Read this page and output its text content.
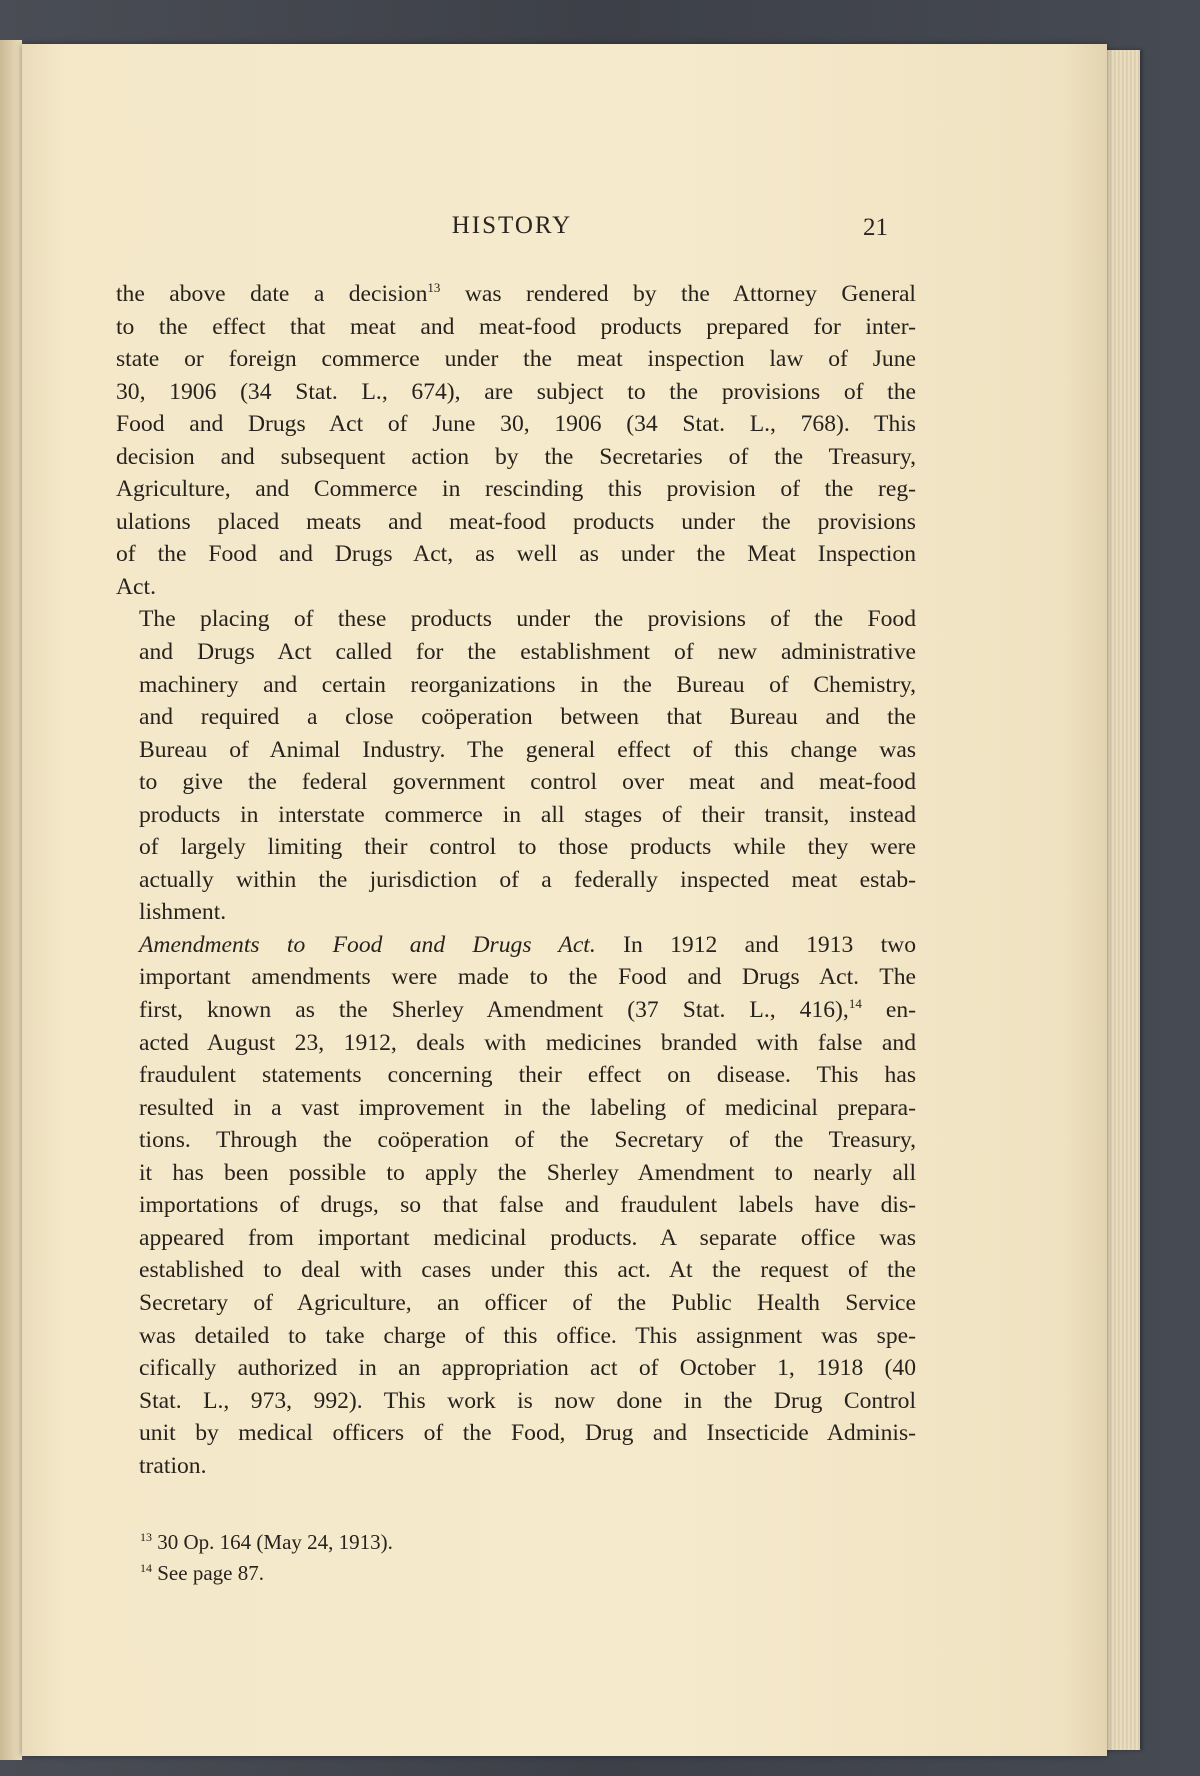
HISTORY	21

the above date a decision$^{13}$ was rendered by the Attorney General
to the effect that meat and meat-food products prepared for inter-
state or foreign commerce under the meat inspection law of June
30, 1906 (34 Stat. L., 674), are subject to the provisions of the
Food and Drugs Act of June 30, 1906 (34 Stat. L., 768). This
decision and subsequent action by the Secretaries of the Treasury,
Agriculture, and Commerce in rescinding this provision of the reg-
ulations placed meats and meat-food products under the provisions
of the Food and Drugs Act, as well as under the Meat Inspection
Act.

The placing of these products under the provisions of the Food
and Drugs Act called for the establishment of new administrative
machinery and certain reorganizations in the Bureau of Chemistry,
and required a close coöperation between that Bureau and the
Bureau of Animal Industry. The general effect of this change was
to give the federal government control over meat and meat-food
products in interstate commerce in all stages of their transit, instead
of largely limiting their control to those products while they were
actually within the jurisdiction of a federally inspected meat estab-
lishment.

Amendments to Food and Drugs Act. In 1912 and 1913 two
important amendments were made to the Food and Drugs Act. The
first, known as the Sherley Amendment (37 Stat. L., 416),$^{14}$ en-
acted August 23, 1912, deals with medicines branded with false and
fraudulent statements concerning their effect on disease. This has
resulted in a vast improvement in the labeling of medicinal prepara-
tions. Through the coöperation of the Secretary of the Treasury,
it has been possible to apply the Sherley Amendment to nearly all
importations of drugs, so that false and fraudulent labels have dis-
appeared from important medicinal products. A separate office was
established to deal with cases under this act. At the request of the
Secretary of Agriculture, an officer of the Public Health Service
was detailed to take charge of this office. This assignment was spe-
cifically authorized in an appropriation act of October 1, 1918 (40
Stat. L., 973, 992). This work is now done in the Drug Control
unit by medical officers of the Food, Drug and Insecticide Adminis-
tration.

$^{13}$ 30 Op. 164 (May 24, 1913).
$^{14}$ See page 87.
